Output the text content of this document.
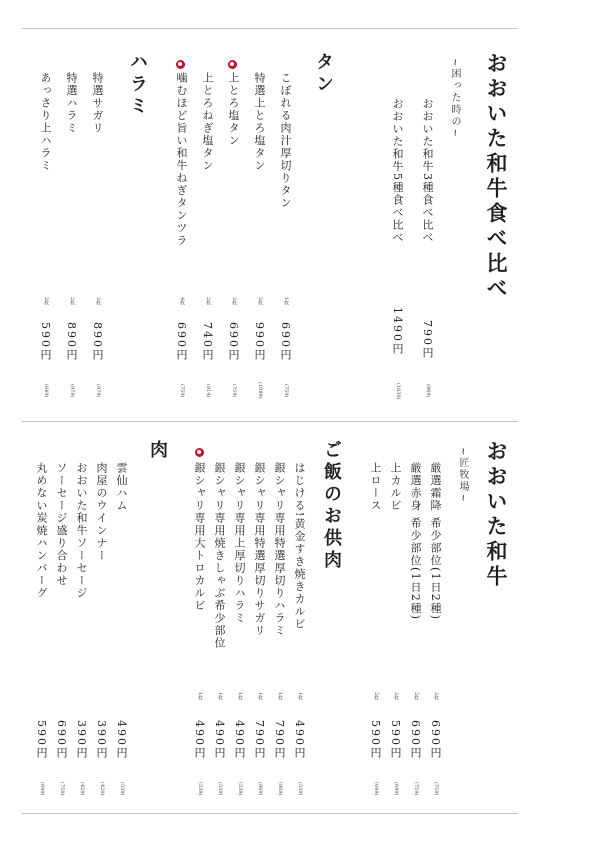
おおいた和牛食べ比べ
~困った時の~
おおいた和牛3種食べ比べ
790円
(869)
おおいた和牛5種食べ比べ
1490円
(1639)
タン
こぼれる肉汁厚切りタン
1枚
690円
(759)
特選上とろ塩タン
2枚
990円
(1089)
上とろ塩タン
2枚
690円
(759)
上とろねぎ塩タン
2枚
740円
(814)
噛むほど旨い和牛ねぎタンツラ
4枚
690円
(759)
ハラミ
特選サガリ
2枚
890円
(979)
特選ハラミ
2枚
890円
(979)
あっさり上ハラミ
2枚
590円
(649)
おおいた和牛
~匠牧場~
厳選霜降 希少部位(1日2種)
2枚
690円
(759)
厳選赤身 希少部位(1日2種)
2枚
690円
(759)
上カルビ
2枚
590円
(649)
上ロース
2枚
590円
(649)
ご飯のお供肉
はじける!黄金すき焼きカルビ
1枚
490円
(539)
銀シャリ専用特選厚切りハラミ
1枚
790円
(869)
銀シャリ専用特選厚切りサガリ
1枚
790円
(869)
銀シャリ専用上厚切りハラミ
1枚
490円
(539)
銀シャリ専用焼きしゃぶ希少部位
1枚
490円
(539)
銀シャリ専用大トロカルビ
1枚
490円
(539)
肉
雲仙ハム
490円
(539)
肉屋のウインナー
390円
(429)
おおいた和牛ソーセージ
390円
(429)
ソーセージ盛り合わせ
690円
(759)
丸めない炭焼ハンバーグ
590円
(649)
